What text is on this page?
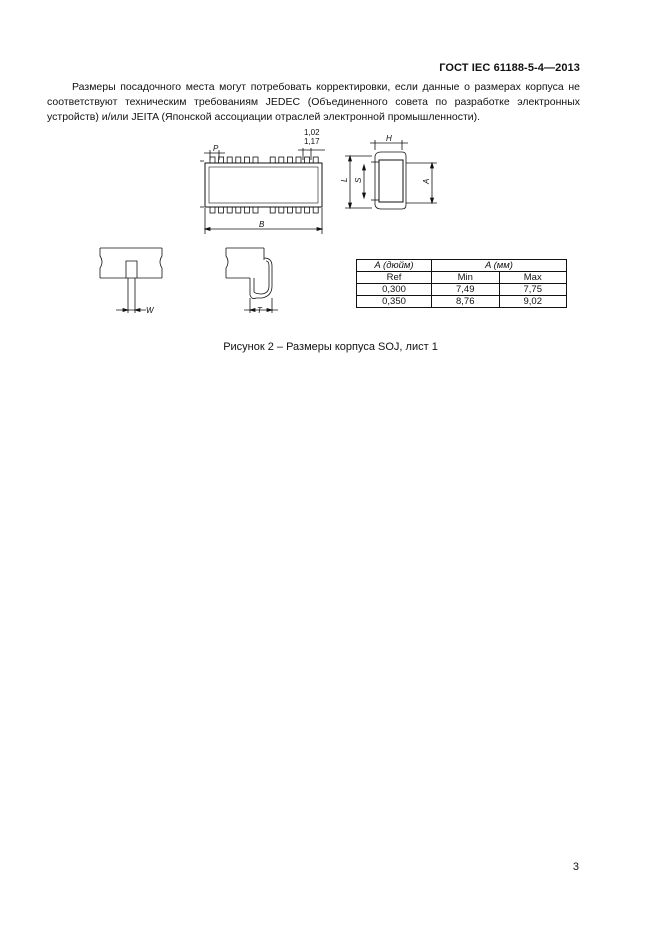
ГОСТ IEC 61188-5-4—2013
Размеры посадочного места могут потребовать корректировки, если данные о размерах корпуса не соответствуют техническим требованиям JEDEC (Объединенного совета по разработке электронных устройств) и/или JEITA (Японской ассоциации отраслей электронной промышленности).
P
1,02
1,17
B
H
L S	A
W	T
A (дюйм)	A (мм)	
Ref	Min	Max
0,300	7,49	7,75
0,350	8,76	9,02
Рисунок 2 – Размеры корпуса SOJ, лист 1
3
